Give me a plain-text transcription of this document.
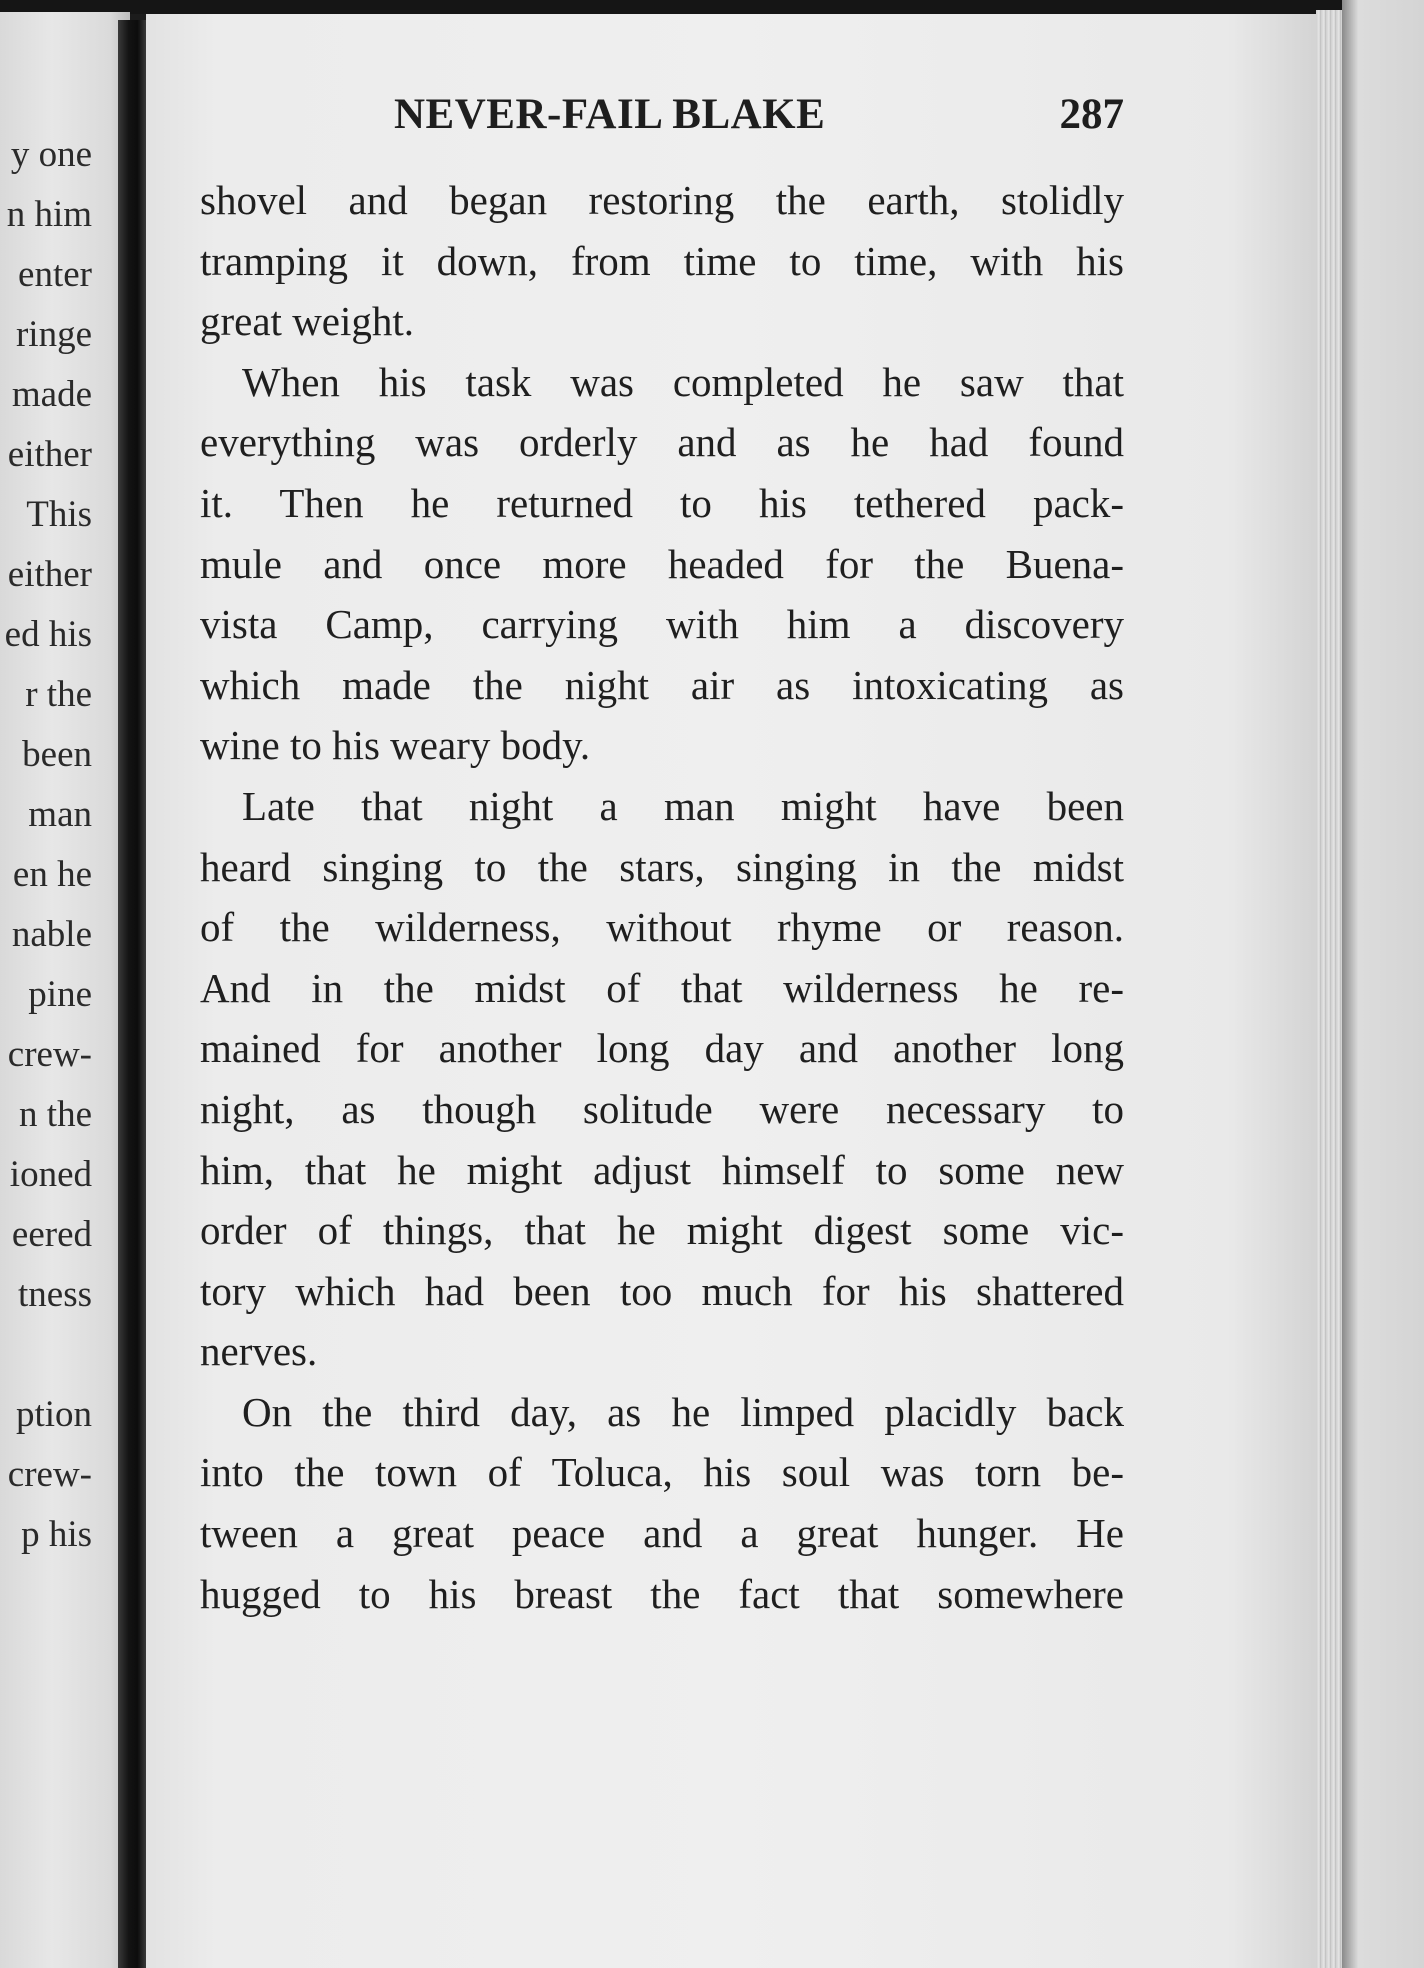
y one
n him
enter
ringe
made
either
This
either
ed his
r the
been
man
en he
nable
pine
crew-
n the
ioned
eered
tness
ption
crew-
p his
NEVER-FAIL BLAKE	287
shovel and began restoring the earth, stolidly
tramping it down, from time to time, with his
great weight.
When his task was completed he saw that
everything was orderly and as he had found
it. Then he returned to his tethered pack-
mule and once more headed for the Buena-
vista Camp, carrying with him a discovery
which made the night air as intoxicating as
wine to his weary body.
Late that night a man might have been
heard singing to the stars, singing in the midst
of the wilderness, without rhyme or reason.
And in the midst of that wilderness he re-
mained for another long day and another long
night, as though solitude were necessary to
him, that he might adjust himself to some new
order of things, that he might digest some vic-
tory which had been too much for his shattered
nerves.
On the third day, as he limped placidly back
into the town of Toluca, his soul was torn be-
tween a great peace and a great hunger. He
hugged to his breast the fact that somewhere
